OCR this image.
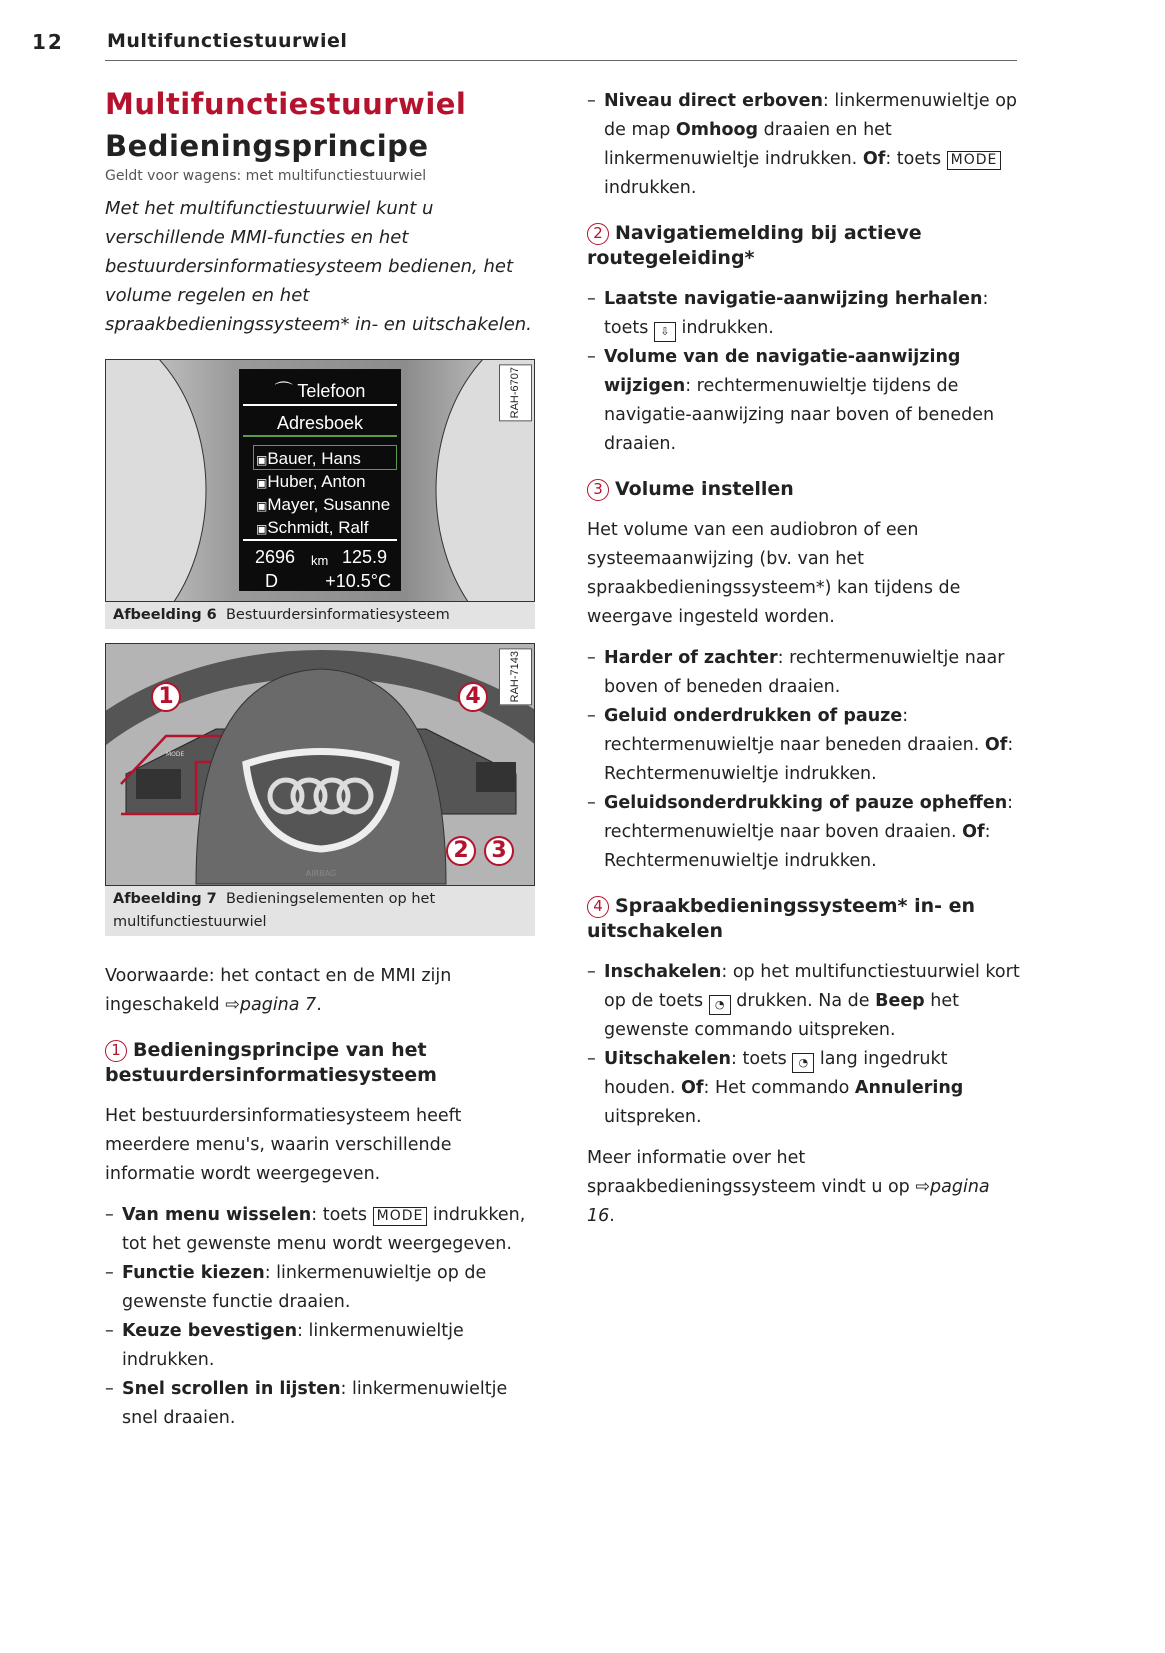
12 Multifunctiestuurwiel
Multifunctiestuurwiel
Bedieningsprincipe
Geldt voor wagens: met multifunctiestuurwiel
Met het multifunctiestuurwiel kunt u verschillende MMI-functies en het bestuurdersinformatiesysteem bedienen, het volume regelen en het spraakbedieningssysteem* in- en uitschakelen.
⌒ Telefoon
Adresboek
▣Bauer, Hans
▣Huber, Anton
▣Mayer, Susanne
▣Schmidt, Ralf
2696 km 125.9
D	+10.5°C
RAH-6707
Afbeelding 6 Bestuurdersinformatiesysteem
MODE
AIRBAG
1
2	3
4	RAH-7143
Afbeelding 7 Bedieningselementen op het multifunctiestuurwiel

Voorwaarde: het contact en de MMI zijn ingeschakeld ⇨pagina 7.

1 Bedieningsprincipe van het bestuurdersinformatiesysteem

Het bestuurdersinformatiesysteem heeft meerdere menu's, waarin verschillende informatie wordt weergegeven.

– Van menu wisselen: toets MODE indrukken, tot het gewenste menu wordt weergegeven.
– Functie kiezen: linkermenuwieltje op de gewenste functie draaien.
– Keuze bevestigen: linkermenuwieltje indrukken.
– Snel scrollen in lijsten: linkermenuwieltje snel draaien.
– Niveau direct erboven: linkermenuwieltje op de map Omhoog draaien en het linkermenuwieltje indrukken. Of: toets MODE indrukken.
2 Navigatiemelding bij actieve routegeleiding*
– Laatste navigatie-aanwijzing herhalen: toets ⇩ indrukken.
– Volume van de navigatie-aanwijzing wijzigen: rechtermenuwieltje tijdens de navigatie-aanwijzing naar boven of beneden draaien.
3 Volume instellen

Het volume van een audiobron of een systeemaanwijzing (bv. van het spraakbedieningssysteem*) kan tijdens de weergave ingesteld worden.

– Harder of zachter: rechtermenuwieltje naar boven of beneden draaien.
– Geluid onderdrukken of pauze: rechtermenuwieltje naar beneden draaien. Of: Rechtermenuwieltje indrukken.
– Geluidsonderdrukking of pauze opheffen: rechtermenuwieltje naar boven draaien. Of: Rechtermenuwieltje indrukken.
4 Spraakbedieningssysteem* in- en uitschakelen
– Inschakelen: op het multifunctiestuurwiel kort op de toets ◔ drukken. Na de Beep het gewenste commando uitspreken.
– Uitschakelen: toets ◔ lang ingedrukt houden. Of: Het commando Annulering uitspreken.

Meer informatie over het spraakbedieningssysteem vindt u op ⇨pagina 16.
